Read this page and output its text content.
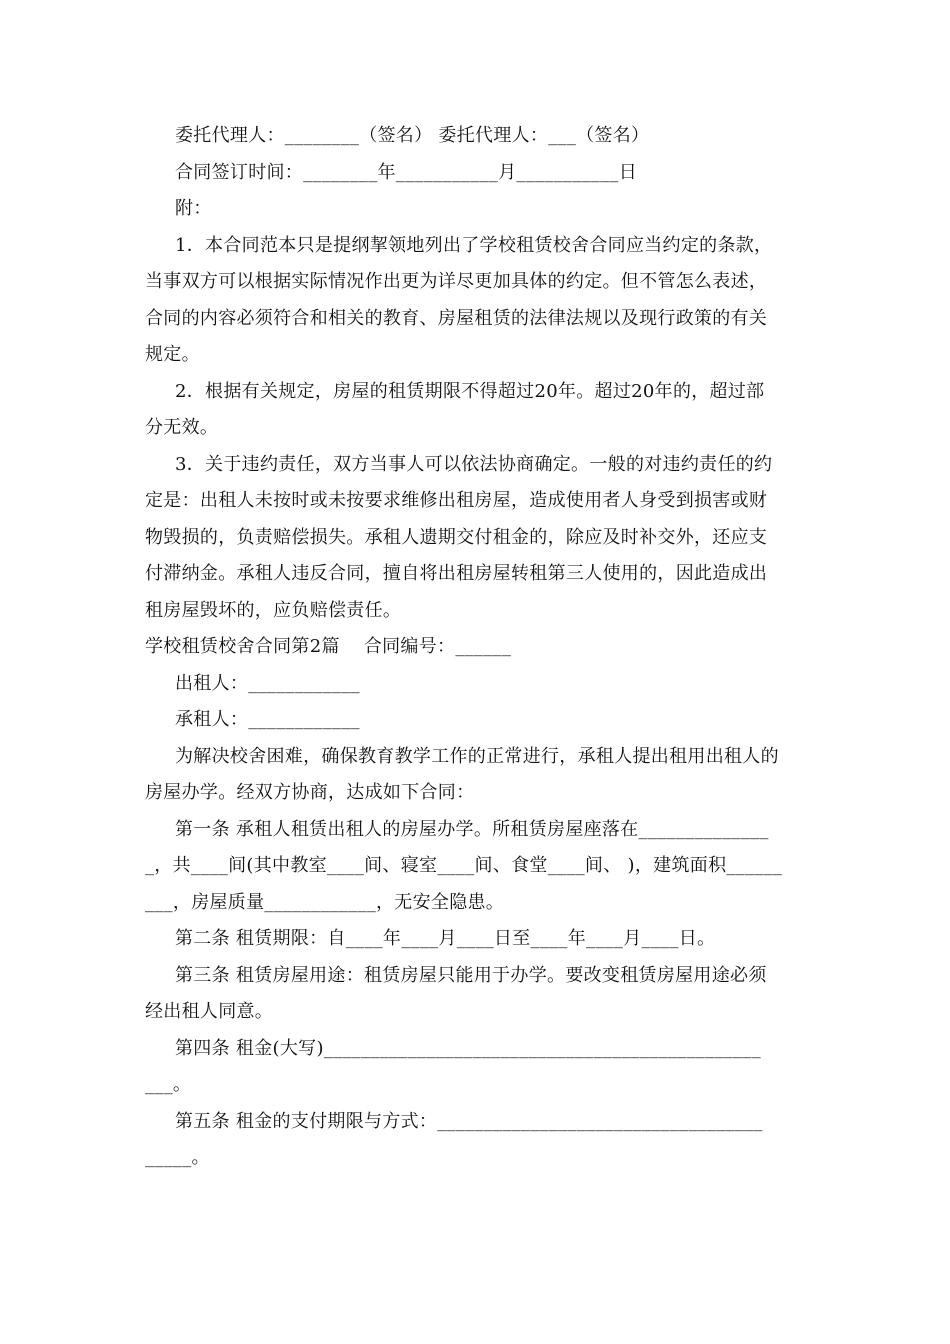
委托代理人：________（签名） 委托代理人：___（签名）
合同签订时间：________年___________月___________日
附：
1．本合同范本只是提纲挈领地列出了学校租赁校舍合同应当约定的条款，
当事双方可以根据实际情况作出更为详尽更加具体的约定。但不管怎么表述，
合同的内容必须符合和相关的教育、房屋租赁的法律法规以及现行政策的有关
规定。
2．根据有关规定，房屋的租赁期限不得超过20年。超过20年的，超过部
分无效。
3．关于违约责任，双方当事人可以依法协商确定。一般的对违约责任的约
定是：出租人未按时或未按要求维修出租房屋，造成使用者人身受到损害或财
物毁损的，负责赔偿损失。承租人遗期交付租金的，除应及时补交外，还应支
付滞纳金。承租人违反合同，擅自将出租房屋转租第三人使用的，因此造成出
租房屋毁坏的，应负赔偿责任。
学校租赁校舍合同第2篇    合同编号：______
出租人：____________
承租人：____________
为解决校舍困难，确保教育教学工作的正常进行，承租人提出租用出租人的
房屋办学。经双方协商，达成如下合同：
第一条 承租人租赁出租人的房屋办学。所租赁房屋座落在______________
_，共____间(其中教室____间、寝室____间、食堂____间、 )，建筑面积______
___，房屋质量____________，无安全隐患。
第二条 租赁期限：自____年____月____日至____年____月____日。
第三条 租赁房屋用途：租赁房屋只能用于办学。要改变租赁房屋用途必须
经出租人同意。
第四条 租金(大写)_______________________________________________
___。
第五条 租金的支付期限与方式：___________________________________
_____。
